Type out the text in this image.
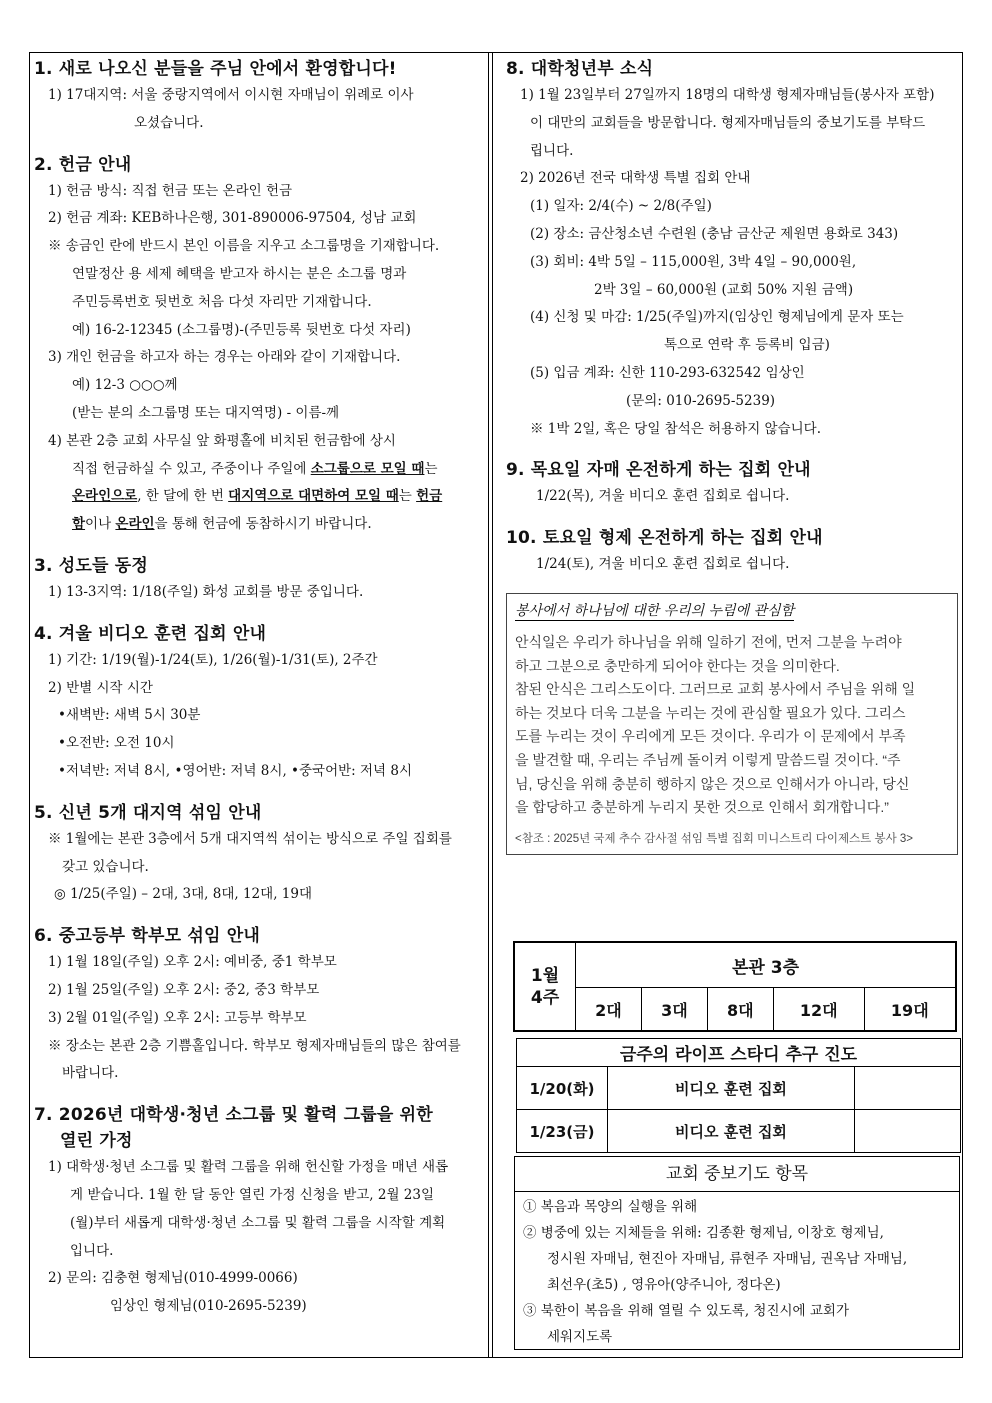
1. 새로 나오신 분들을 주님 안에서 환영합니다!
1) 17대지역: 서울 중랑지역에서 이시현 자매님이 위례로 이사
오셨습니다.
2. 헌금 안내
1) 헌금 방식: 직접 헌금 또는 온라인 헌금
2) 헌금 계좌: KEB하나은행, 301-890006-97504, 성남 교회
※ 송금인 란에 반드시 본인 이름을 지우고 소그룹명을 기재합니다.
연말정산 용 세제 혜택을 받고자 하시는 분은 소그룹 명과
주민등록번호 뒷번호 처음 다섯 자리만 기재합니다.
예) 16-2-12345 (소그룹명)-(주민등록 뒷번호 다섯 자리)
3) 개인 헌금을 하고자 하는 경우는 아래와 같이 기재합니다.
예) 12-3 ○○○께
(받는 분의 소그룹명 또는 대지역명) - 이름-께
4) 본관 2층 교회 사무실 앞 화평홀에 비치된 헌금함에 상시
직접 헌금하실 수 있고, 주중이나 주일에 소그룹으로 모일 때는
온라인으로, 한 달에 한 번 대지역으로 대면하여 모일 때는 헌금
함이나 온라인을 통해 헌금에 동참하시기 바랍니다.
3. 성도들 동정
1) 13-3지역: 1/18(주일) 화성 교회를 방문 중입니다.
4. 겨울 비디오 훈련 집회 안내
1) 기간: 1/19(월)-1/24(토), 1/26(월)-1/31(토), 2주간
2) 반별 시작 시간
•새벽반: 새벽 5시 30분
•오전반: 오전 10시
•저녁반: 저녁 8시, •영어반: 저녁 8시, •중국어반: 저녁 8시
5. 신년 5개 대지역 섞임 안내
※ 1월에는 본관 3층에서 5개 대지역씩 섞이는 방식으로 주일 집회를
갖고 있습니다.
◎ 1/25(주일) – 2대, 3대, 8대, 12대, 19대
6. 중고등부 학부모 섞임 안내
1) 1월 18일(주일) 오후 2시: 예비중, 중1 학부모
2) 1월 25일(주일) 오후 2시: 중2, 중3 학부모
3) 2월 01일(주일) 오후 2시: 고등부 학부모
※ 장소는 본관 2층 기쁨홀입니다. 학부모 형제자매님들의 많은 참여를
바랍니다.
7. 2026년 대학생·청년 소그룹 및 활력 그룹을 위한
열린 가정
1) 대학생·청년 소그룹 및 활력 그룹을 위해 헌신할 가정을 매년 새롭
게 받습니다. 1월 한 달 동안 열린 가정 신청을 받고, 2월 23일
(월)부터 새롭게 대학생·청년 소그룹 및 활력 그룹을 시작할 계획
입니다.
2) 문의: 김충현 형제님(010-4999-0066)
임상인 형제님(010-2695-5239)
8. 대학청년부 소식
1) 1월 23일부터 27일까지 18명의 대학생 형제자매님들(봉사자 포함)
이 대만의 교회들을 방문합니다. 형제자매님들의 중보기도를 부탁드
립니다.
2) 2026년 전국 대학생 특별 집회 안내
(1) 일자: 2/4(수) ~ 2/8(주일)
(2) 장소: 금산청소년 수련원 (충남 금산군 제원면 용화로 343)
(3) 회비: 4박 5일 – 115,000원, 3박 4일 – 90,000원,
2박 3일 – 60,000원 (교회 50% 지원 금액)
(4) 신청 및 마감: 1/25(주일)까지(임상인 형제님에게 문자 또는
톡으로 연락 후 등록비 입금)
(5) 입금 계좌: 신한 110-293-632542 임상인
(문의: 010-2695-5239)
※ 1박 2일, 혹은 당일 참석은 허용하지 않습니다.
9. 목요일 자매 온전하게 하는 집회 안내
1/22(목), 겨울 비디오 훈련 집회로 쉽니다.
10. 토요일 형제 온전하게 하는 집회 안내
1/24(토), 겨울 비디오 훈련 집회로 쉽니다.
봉사에서 하나님에 대한 우리의 누림에 관심함
안식일은 우리가 하나님을 위해 일하기 전에, 먼저 그분을 누려야
하고 그분으로 충만하게 되어야 한다는 것을 의미한다.
참된 안식은 그리스도이다. 그러므로 교회 봉사에서 주님을 위해 일
하는 것보다 더욱 그분을 누리는 것에 관심할 필요가 있다. 그리스
도를 누리는 것이 우리에게 모든 것이다. 우리가 이 문제에서 부족
을 발견할 때, 우리는 주님께 돌이켜 이렇게 말씀드릴 것이다. “주
님, 당신을 위해 충분히 행하지 않은 것으로 인해서가 아니라, 당신
을 합당하고 충분하게 누리지 못한 것으로 인해서 회개합니다.”
<참조 : 2025년 국제 추수 감사절 섞임 특별 집회 미니스트리 다이제스트 봉사 3>
1월
4주	본관 3층				
	2대	3대	8대	12대	19대
금주의 라이프 스타디 추구 진도		
1/20(화)	비디오 훈련 집회	
1/23(금)	비디오 훈련 집회	
교회 중보기도 항목
① 복음과 목양의 실행을 위해
② 병중에 있는 지체들을 위해: 김종환 형제님, 이창호 형제님,
정시원 자매님, 현진아 자매님, 류현주 자매님, 권옥남 자매님,
최선우(초5) , 영유아(양주니아, 정다온)
③ 북한이 복음을 위해 열릴 수 있도록, 청진시에 교회가
세워지도록
